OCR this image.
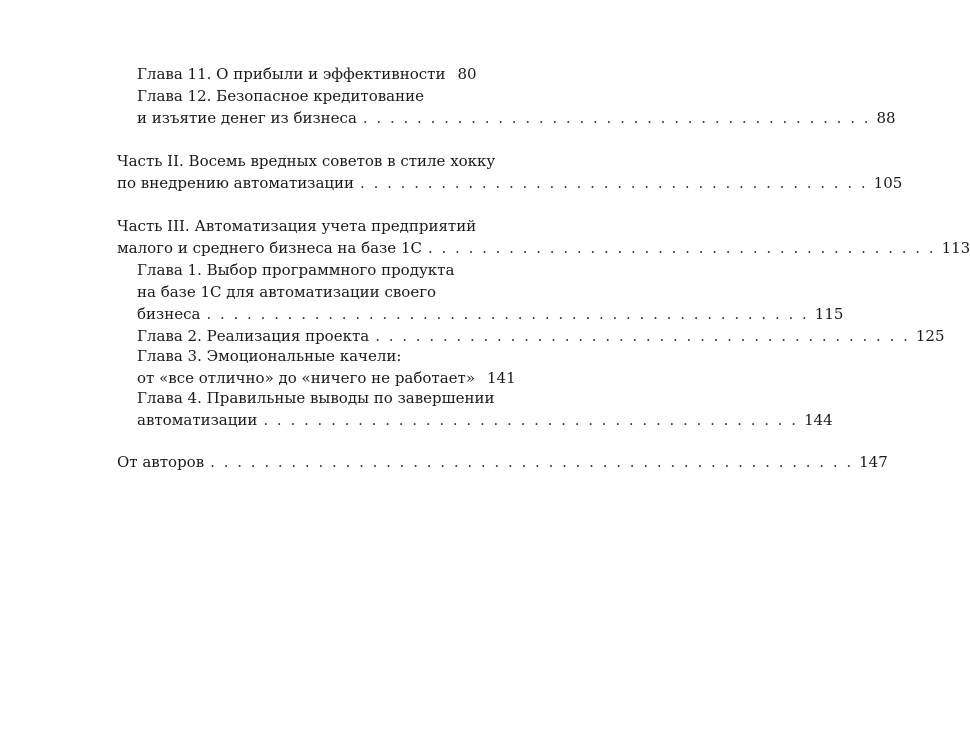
Глава 11. О прибыли и эффективности 80
Глава 12. Безопасное кредитование
и изъятие денег из бизнеса . . . . . . . . . . . . . . . . . . . . . . . . . . . . . . . . . . . . . . 88
Часть II. Восемь вредных советов в стиле хокку
по внедрению автоматизации . . . . . . . . . . . . . . . . . . . . . . . . . . . . . . . . . . . . . . 105
Часть III. Автоматизация учета предприятий
малого и среднего бизнеса на базе 1С . . . . . . . . . . . . . . . . . . . . . . . . . . . . . . . . . . . . . . 113
Глава 1. Выбор программного продукта
на базе 1С для автоматизации своего
бизнеса . . . . . . . . . . . . . . . . . . . . . . . . . . . . . . . . . . . . . . . . . . . . . 115
Глава 2. Реализация проекта . . . . . . . . . . . . . . . . . . . . . . . . . . . . . . . . . . . . . . . . 125
Глава 3. Эмоциональные качели:
от «все отлично» до «ничего не работает» 141
Глава 4. Правильные выводы по завершении
автоматизации . . . . . . . . . . . . . . . . . . . . . . . . . . . . . . . . . . . . . . . . 144
От авторов . . . . . . . . . . . . . . . . . . . . . . . . . . . . . . . . . . . . . . . . . . . . . . . . 147
